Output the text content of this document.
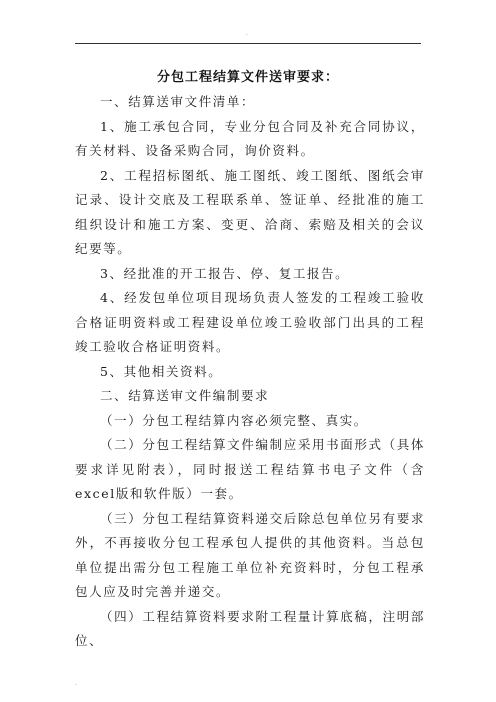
.
分包工程结算文件送审要求：

一、结算送审文件清单：

1、施工承包合同，专业分包合同及补充合同协议，有关材料、设备采购合同，询价资料。

2、工程招标图纸、施工图纸、竣工图纸、图纸会审记录、设计交底及工程联系单、签证单、经批准的施工组织设计和施工方案、变更、洽商、索赔及相关的会议纪要等。

3、经批准的开工报告、停、复工报告。

4、经发包单位项目现场负责人签发的工程竣工验收合格证明资料或工程建设单位竣工验收部门出具的工程竣工验收合格证明资料。

5、其他相关资料。

二、结算送审文件编制要求

（一）分包工程结算内容必须完整、真实。

（二）分包工程结算文件编制应采用书面形式（具体要求详见附表），同时报送工程结算书电子文件（含excel版和软件版）一套。

（三）分包工程结算资料递交后除总包单位另有要求外，不再接收分包工程承包人提供的其他资料。当总包单位提出需分包工程施工单位补充资料时，分包工程承包人应及时完善并递交。

（四）工程结算资料要求附工程量计算底稿，注明部位、

.
